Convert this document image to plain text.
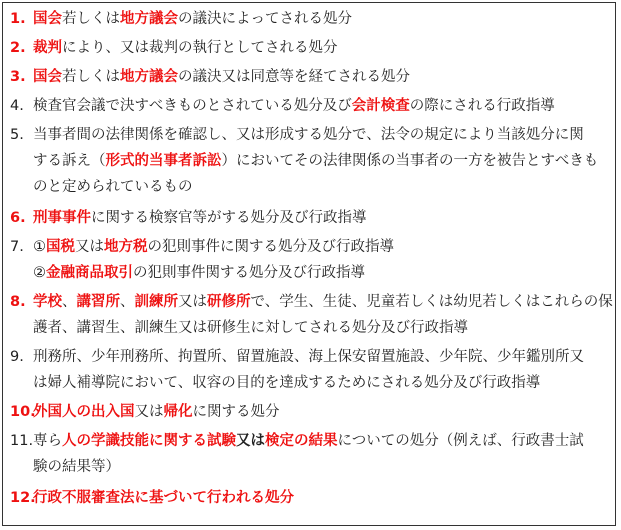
1. 国会若しくは地方議会の議決によってされる処分
2. 裁判により、又は裁判の執行としてされる処分
3. 国会若しくは地方議会の議決又は同意等を経てされる処分
4. 検査官会議で決すべきものとされている処分及び会計検査の際にされる行政指導
5. 当事者間の法律関係を確認し、又は形成する処分で、法令の規定により当該処分に関
する訴え（形式的当事者訴訟）においてその法律関係の当事者の一方を被告とすべきも
のと定められているもの
6. 刑事事件に関する検察官等がする処分及び行政指導
7. ①国税又は地方税の犯則事件に関する処分及び行政指導
②金融商品取引の犯則事件関する処分及び行政指導
8. 学校、講習所、訓練所又は研修所で、学生、生徒、児童若しくは幼児若しくはこれらの保
護者、講習生、訓練生又は研修生に対してされる処分及び行政指導
9. 刑務所、少年刑務所、拘置所、留置施設、海上保安留置施設、少年院、少年鑑別所又
は婦人補導院において、収容の目的を達成するためにされる処分及び行政指導
10.外国人の出入国又は帰化に関する処分
11.専ら人の学識技能に関する試験又は検定の結果についての処分（例えば、行政書士試
験の結果等）
12.行政不服審査法に基づいて行われる処分
